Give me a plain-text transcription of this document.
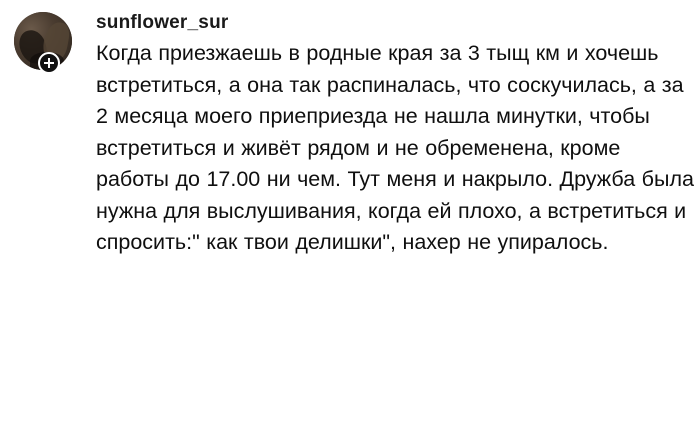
sunflower_sur
Когда приезжаешь в родные края за 3 тыщ км и хочешь встретиться, а она так распиналась, что соскучилась, а за 2 месяца моего приеприезда не нашла минутки, чтобы встретиться и живёт рядом и не обременена, кроме работы до 17.00 ни чем. Тут меня и накрыло. Дружба была нужна для выслушивания, когда ей плохо, а встретиться и спросить:" как твои делишки", нахер не упиралось.
